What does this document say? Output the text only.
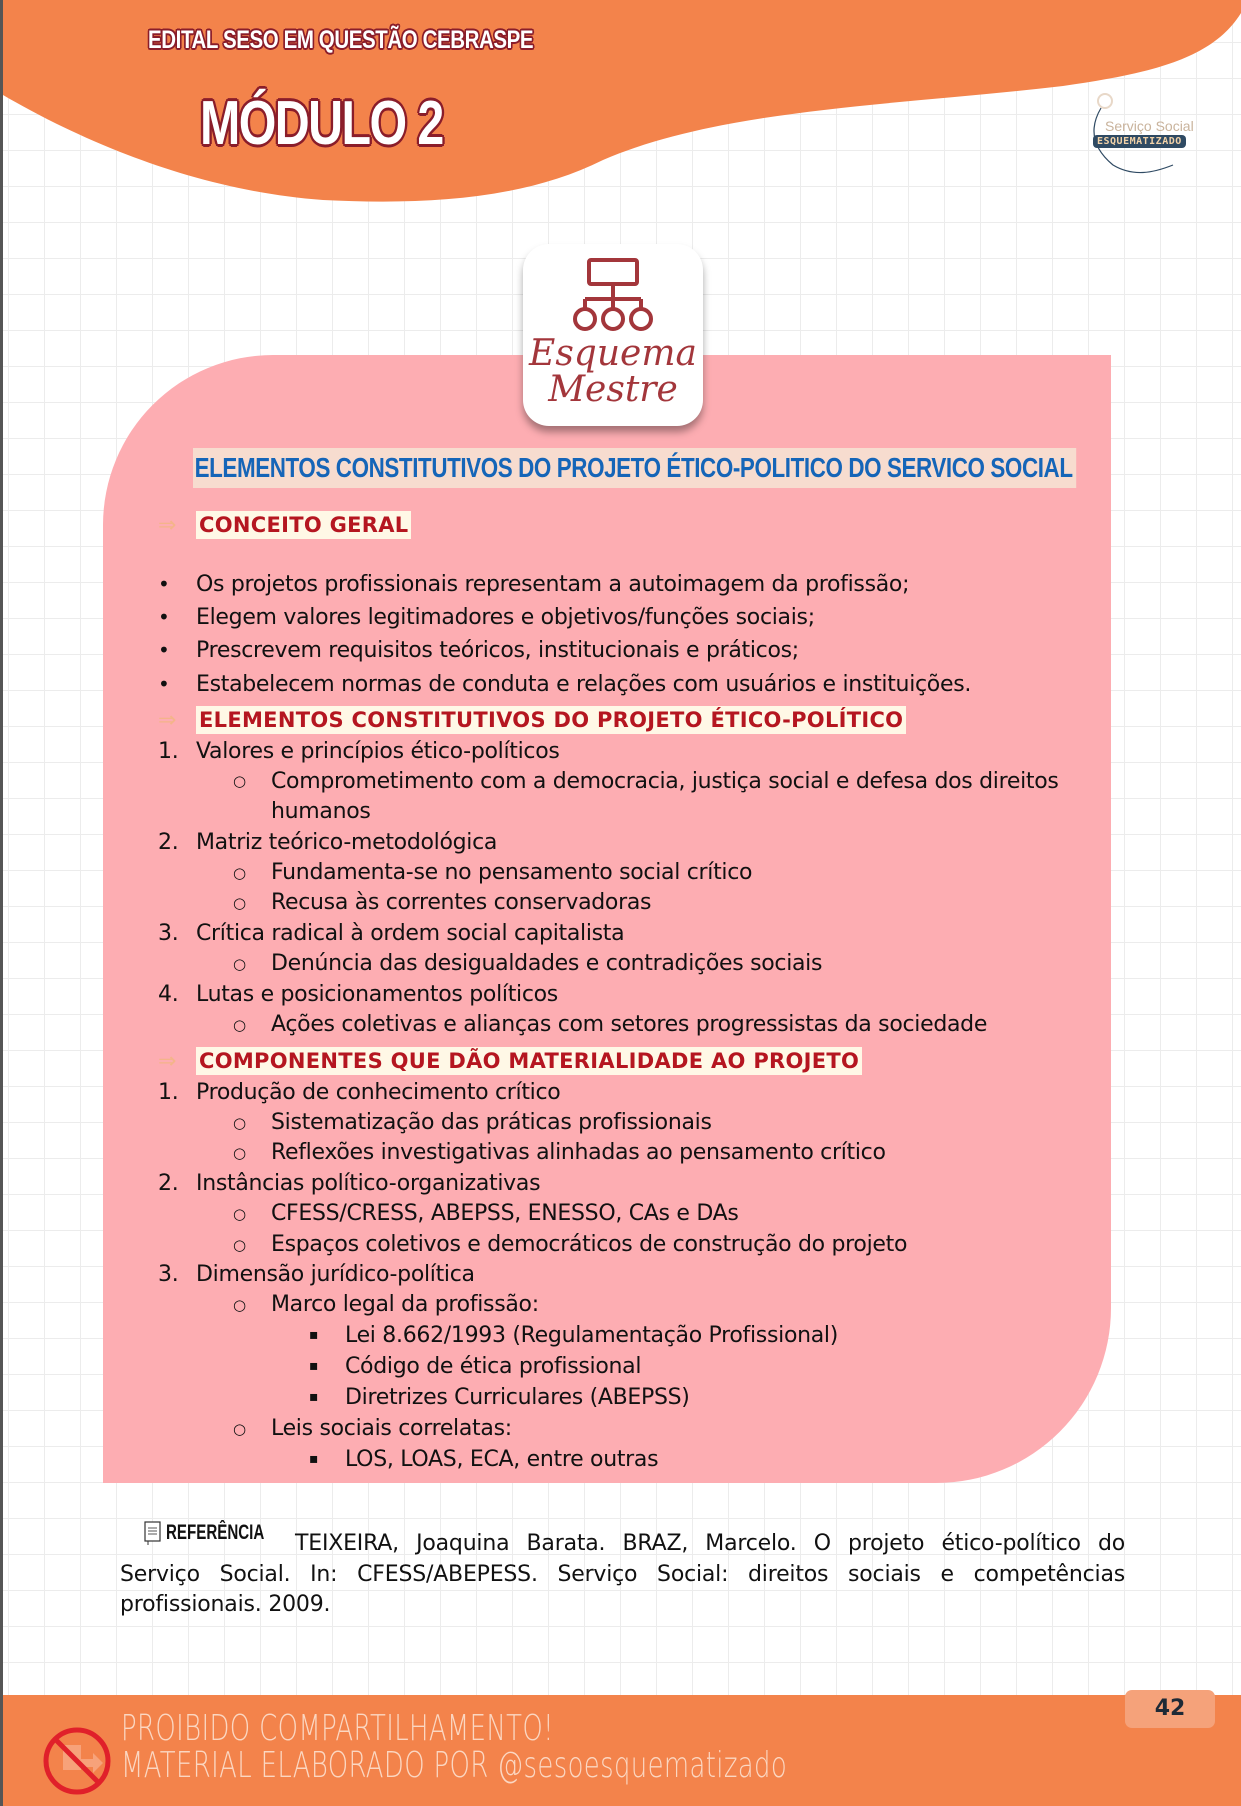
EDITAL SESO EM QUESTÃO CEBRASPE
MÓDULO 2	Serviço Social
ESQUEMATIZADO
Esquema
Mestre
ELEMENTOS CONSTITUTIVOS DO PROJETO ÉTICO-POLITICO DO SERVICO SOCIAL
⇒	CONCEITO GERAL
• Os projetos profissionais representam a autoimagem da profissão;
• Elegem valores legitimadores e objetivos/funções sociais;
• Prescrevem requisitos teóricos, institucionais e práticos;
• Estabelecem normas de conduta e relações com usuários e instituições.
⇒	ELEMENTOS CONSTITUTIVOS DO PROJETO ÉTICO-POLÍTICO
1. Valores e princípios ético-políticos
○ Comprometimento com a democracia, justiça social e defesa dos direitos
humanos
2. Matriz teórico-metodológica
○ Fundamenta-se no pensamento social crítico
○ Recusa às correntes conservadoras
3. Crítica radical à ordem social capitalista
○ Denúncia das desigualdades e contradições sociais
4. Lutas e posicionamentos políticos
○ Ações coletivas e alianças com setores progressistas da sociedade
⇒	COMPONENTES QUE DÃO MATERIALIDADE AO PROJETO
1. Produção de conhecimento crítico
○ Sistematização das práticas profissionais
○ Reflexões investigativas alinhadas ao pensamento crítico
2. Instâncias político-organizativas
○ CFESS/CRESS, ABEPSS, ENESSO, CAs e DAs
○ Espaços coletivos e democráticos de construção do projeto
3. Dimensão jurídico-política
○ Marco legal da profissão:
▪ Lei 8.662/1993 (Regulamentação Profissional)
▪ Código de ética profissional
▪ Diretrizes Curriculares (ABEPSS)
○ Leis sociais correlatas:
▪ LOS, LOAS, ECA, entre outras
REFERÊNCIA	TEIXEIRA, Joaquina Barata. BRAZ, Marcelo. O projeto ético-político do Serviço Social. In: CFESS/ABEPESS. Serviço Social: direitos sociais e competências profissionais. 2009.
PROIBIDO COMPARTILHAMENTO!
MATERIAL ELABORADO POR @sesoesquematizado
42
